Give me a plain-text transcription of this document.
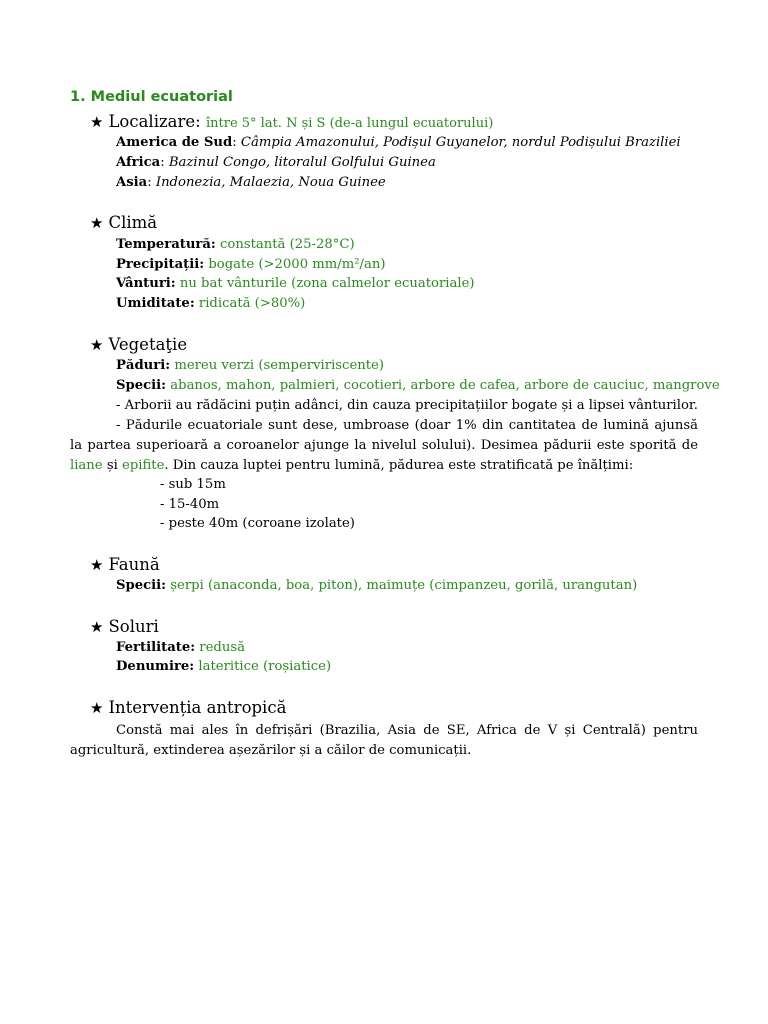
1. Mediul ecuatorial
★ Localizare: între 5° lat. N și S (de-a lungul ecuatorului)
America de Sud: Câmpia Amazonului, Podișul Guyanelor, nordul Podișului Braziliei
Africa: Bazinul Congo, litoralul Golfului Guinea
Asia: Indonezia, Malaezia, Noua Guinee
★ Climă
Temperatură: constantă (25-28°C)
Precipitații: bogate (>2000 mm/m²/an)
Vânturi: nu bat vânturile (zona calmelor ecuatoriale)
Umiditate: ridicată (>80%)
★ Vegetaţie
Păduri: mereu verzi (semperviriscente)
Specii: abanos, mahon, palmieri, cocotieri, arbore de cafea, arbore de cauciuc, mangrove
- Arborii au rădăcini puțin adânci, din cauza precipitațiilor bogate și a lipsei vânturilor.
- Pădurile ecuatoriale sunt dese, umbroase (doar 1% din cantitatea de lumină ajunsă la partea superioară a coroanelor ajunge la nivelul solului). Desimea pădurii este sporită de liane și epifite. Din cauza luptei pentru lumină, pădurea este stratificată pe înălțimi:
- sub 15m
- 15-40m
- peste 40m (coroane izolate)
★ Faună
Specii: șerpi (anaconda, boa, piton), maimuțe (cimpanzeu, gorilă, urangutan)
★ Soluri
Fertilitate: redusă
Denumire: lateritice (roșiatice)
★ Intervenția antropică
Constă mai ales în defrișări (Brazilia, Asia de SE, Africa de V și Centrală) pentru agricultură, extinderea așezărilor și a căilor de comunicații.
